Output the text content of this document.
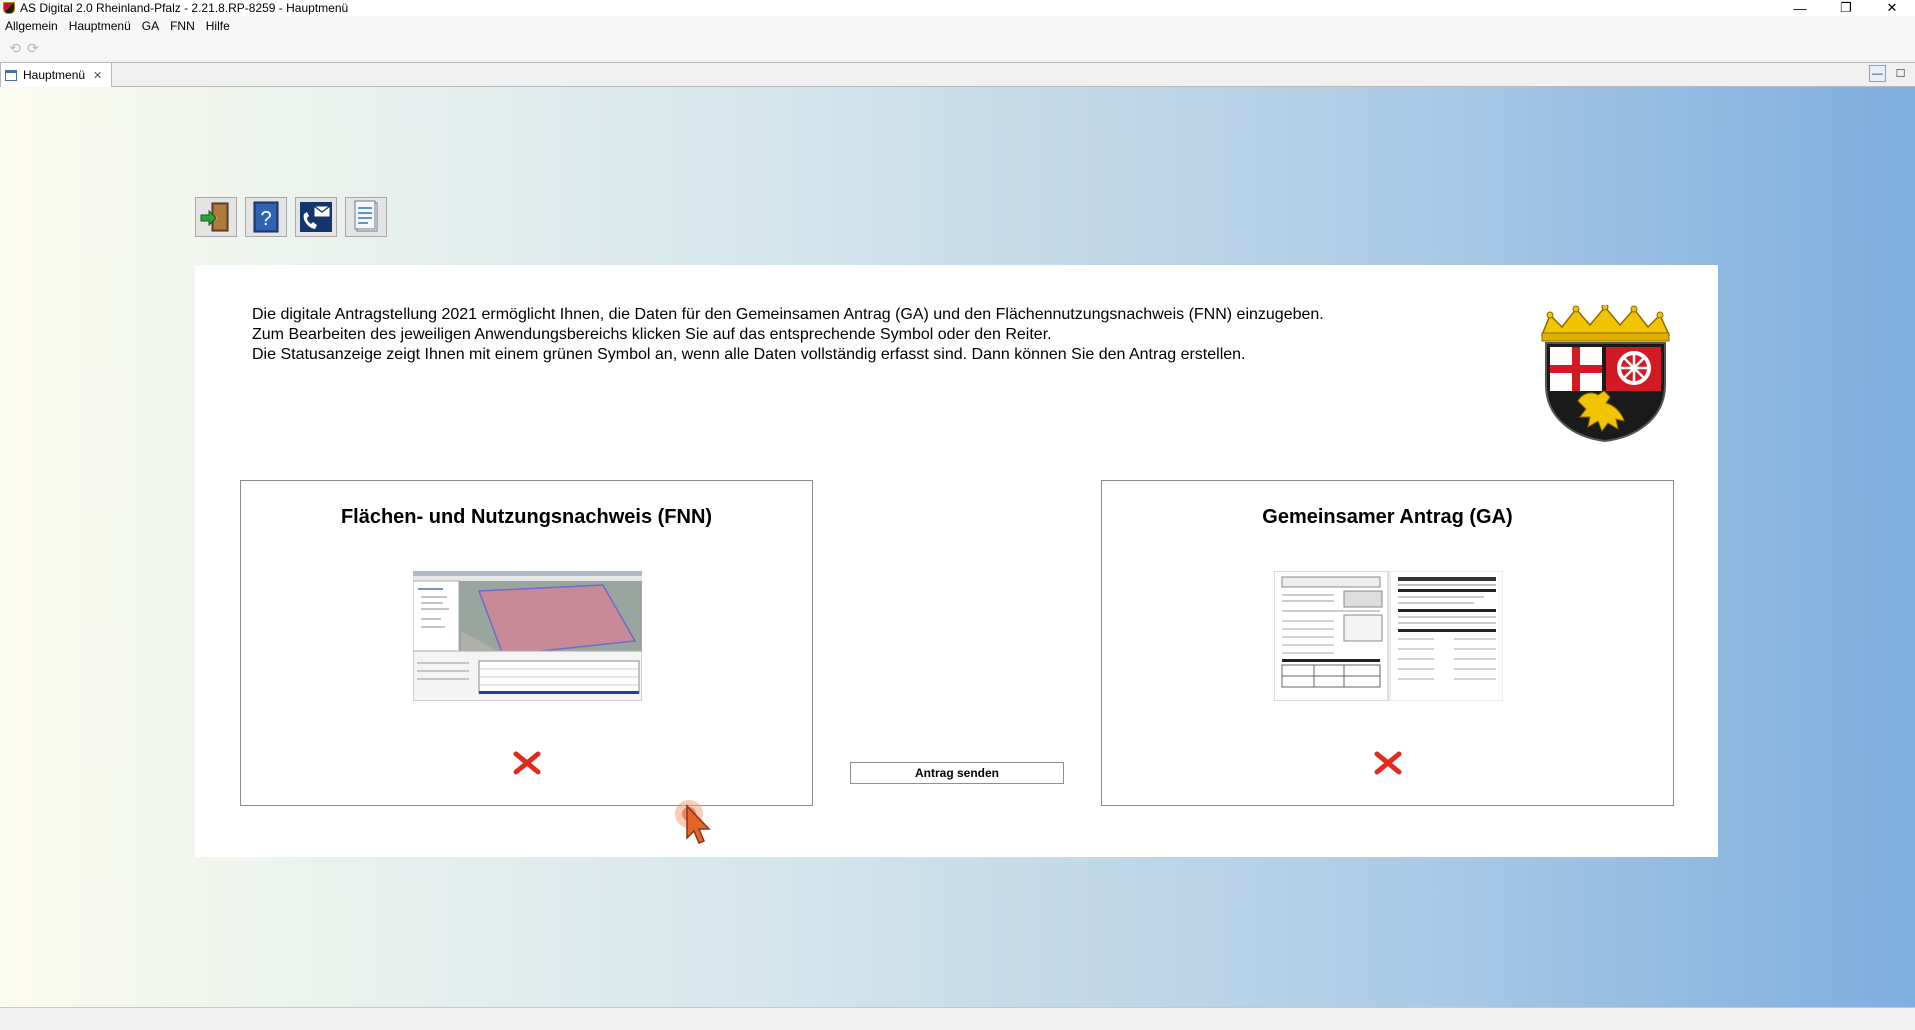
AS Digital 2.0 Rheinland-Pfalz - 2.21.8.RP-8259 - Hauptmenü	—	❐	✕
Allgemein Hauptmenü GA FNN Hilfe
⟲ ⟳
Hauptmenü ✕	—	☐
?
Die digitale Antragstellung 2021 ermöglicht Ihnen, die Daten für den Gemeinsamen Antrag (GA) und den Flächennutzungsnachweis (FNN) einzugeben.
Zum Bearbeiten des jeweiligen Anwendungsbereichs klicken Sie auf das entsprechende Symbol oder den Reiter.
Die Statusanzeige zeigt Ihnen mit einem grünen Symbol an, wenn alle Daten vollständig erfasst sind. Dann können Sie den Antrag erstellen.
Flächen- und Nutzungsnachweis (FNN)
Antrag senden
Gemeinsamer Antrag (GA)
